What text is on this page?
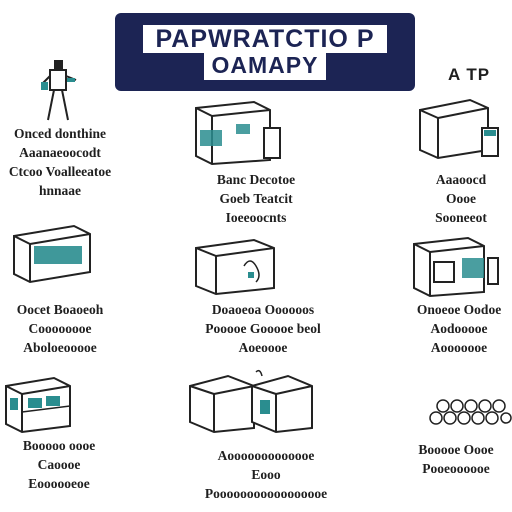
PAPWRATCTIO P
OAMAPY	A TP
Onced donthine
Aaanaeoocodt
Ctcoo Voalleeatoe
hnnaae
Banc Decotoe
Goeb Teatcit
Ioeeoocnts
Aaaoocd
Oooe
Sooneeot
Oocet Boaoeoh
Coooooooe
Aboloeooooe
Doaoeoa Oooooos
Pooooe Gooooe beol
Aoeoooe
Onoeoe Oodoe
Aodooooe
Aooooooe
Booooo oooe
Caoooe
Eoooooeoe
Aooooooooooooe
Eooo
Pooooooooooooooooe
Booooe Oooe
Pooeoooooe
